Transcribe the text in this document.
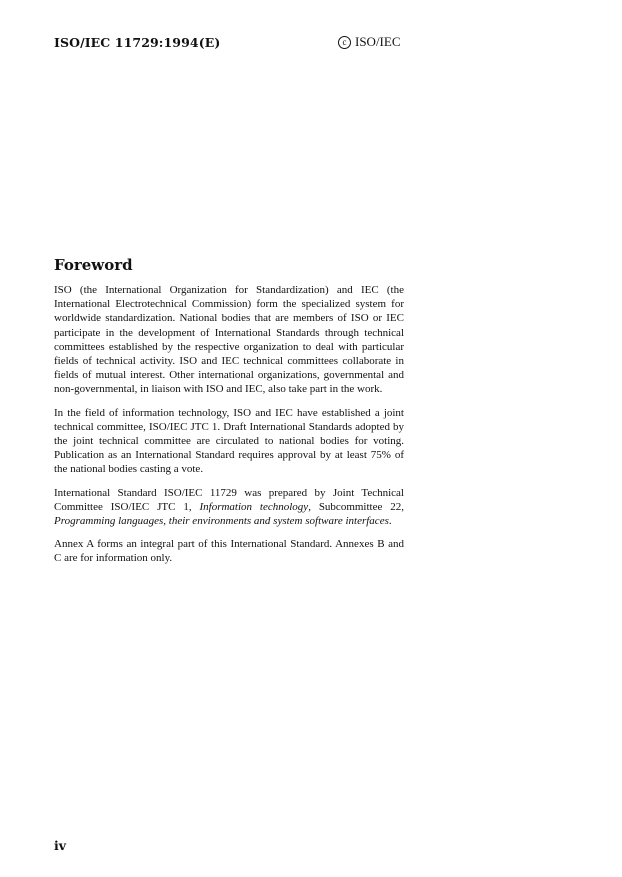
ISO/IEC 11729:1994(E)	c ISO/IEC
Foreword

ISO (the International Organization for Standardization) and IEC (the International Electrotechnical Commission) form the specialized system for worldwide standardization. National bodies that are members of ISO or IEC participate in the development of International Standards through technical committees established by the respective organization to deal with particular fields of technical activity. ISO and IEC technical committees collaborate in fields of mutual interest. Other international organizations, governmental and non-governmental, in liaison with ISO and IEC, also take part in the work.

In the field of information technology, ISO and IEC have established a joint technical committee, ISO/IEC JTC 1. Draft International Standards adopted by the joint technical committee are circulated to national bodies for voting. Publication as an International Standard requires approval by at least 75% of the national bodies casting a vote.

International Standard ISO/IEC 11729 was prepared by Joint Technical Committee ISO/IEC JTC 1, Information technology, Subcommittee 22, Programming languages, their environments and system software interfaces.

Annex A forms an integral part of this International Standard. Annexes B and C are for information only.

iv
